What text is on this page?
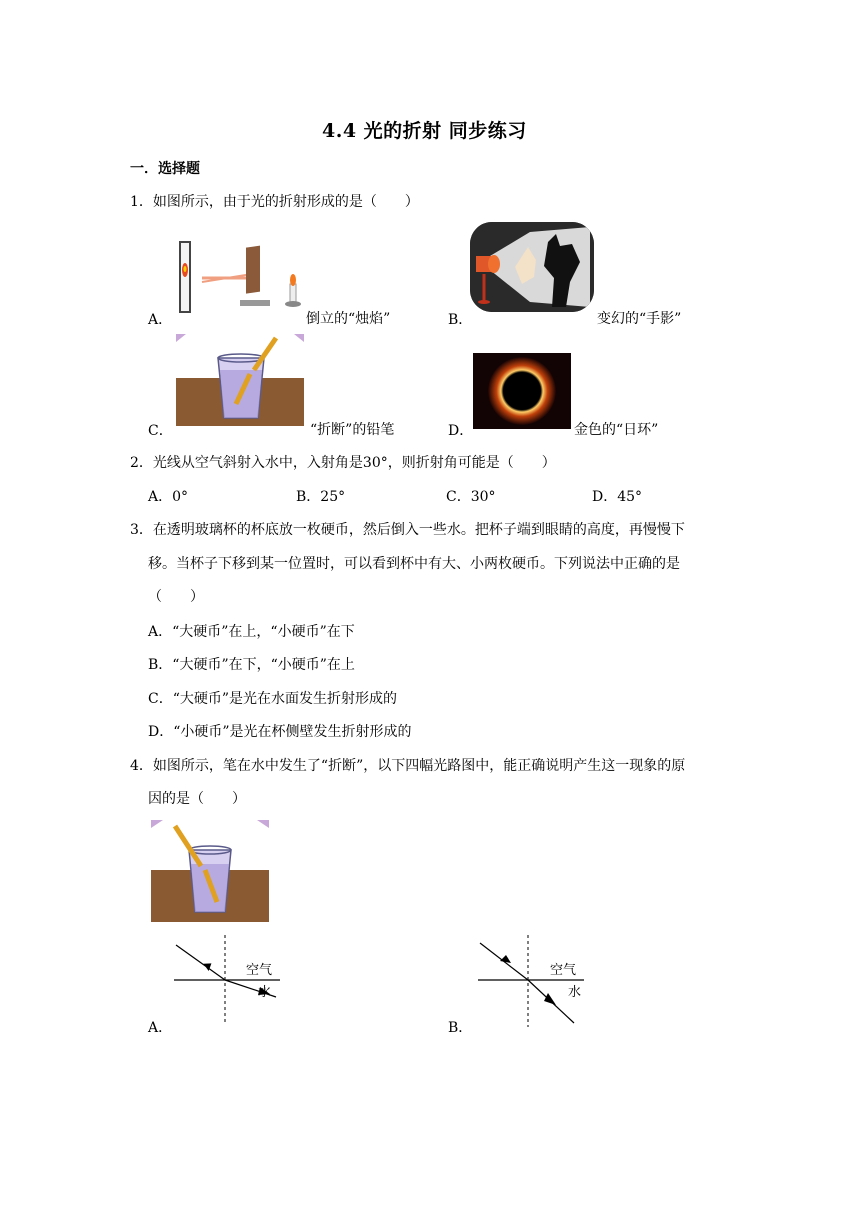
4.4 光的折射 同步练习
一．选择题
1．如图所示，由于光的折射形成的是（　　）
A．	倒立的“烛焰”	B．	变幻的“手影”
C．	“折断”的铅笔	D．	金色的“日环”
2．光线从空气斜射入水中，入射角是30°，则折射角可能是（　　）
A．0°	B．25°	C．30°	D．45°
3．在透明玻璃杯的杯底放一枚硬币，然后倒入一些水。把杯子端到眼睛的高度，再慢慢下
移。当杯子下移到某一位置时，可以看到杯中有大、小两枚硬币。下列说法中正确的是
（　　）
A．“大硬币”在上，“小硬币”在下
B．“大硬币”在下，“小硬币”在上
C．“大硬币”是光在水面发生折射形成的
D．“小硬币”是光在杯侧壁发生折射形成的
4．如图所示，笔在水中发生了“折断”，以下四幅光路图中，能正确说明产生这一现象的原
因的是（　　）
空气
水
A．
空气
水
B．
